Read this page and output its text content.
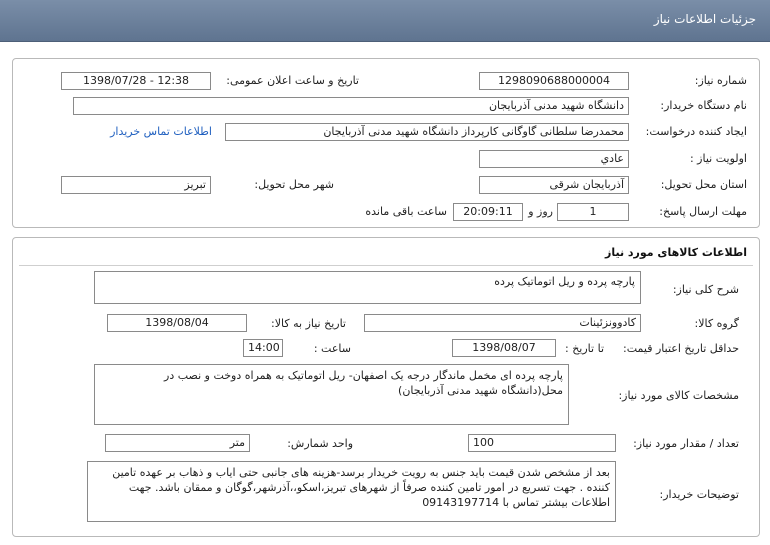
جزئیات اطلاعات نیاز
شماره نیاز:
1298090688000004
تاریخ و ساعت اعلان عمومی:
1398/07/28 - 12:38
نام دستگاه خریدار:
دانشگاه شهید مدنی آذربایجان
ایجاد کننده درخواست:
محمدرضا سلطانی گاوگانی کارپرداز دانشگاه شهید مدنی آذربایجان
اطلاعات تماس خریدار
اولویت نیاز :
عادي
استان محل تحویل:
آذربایجان شرقی
شهر محل تحویل:
تبریز
مهلت ارسال پاسخ:
1
روز و
20:09:11
ساعت باقی مانده
اطلاعات کالاهای مورد نیاز
شرح کلی نیاز:
پارچه پرده و ریل اتوماتیک پرده
گروه کالا:
کادوونزئینات
تاریخ نیاز به کالا:
1398/08/04
حداقل تاریخ اعتبار قیمت:
تا تاریخ :
1398/08/07
ساعت :
14:00
مشخصات کالای مورد نیاز:
پارچه پرده ای مخمل ماندگار درجه یک اصفهان- ریل اتوماتیک به همراه دوخت و نصب در محل(دانشگاه شهید مدنی آذربایجان)
تعداد / مقدار مورد نیاز:
100
واحد شمارش:
متر
توضیحات خریدار:
بعد از مشخص شدن قیمت باید جنس به رویت خریدار برسد-هزینه های جانبی حتی ایاب و ذهاب بر عهده تامین کننده . جهت تسریع در امور تامین کننده صرفاً از شهرهای تبریز،اسکو،،آذرشهر،گوگان و ممقان باشد. جهت اطلاعات بیشتر تماس با 09143197714
